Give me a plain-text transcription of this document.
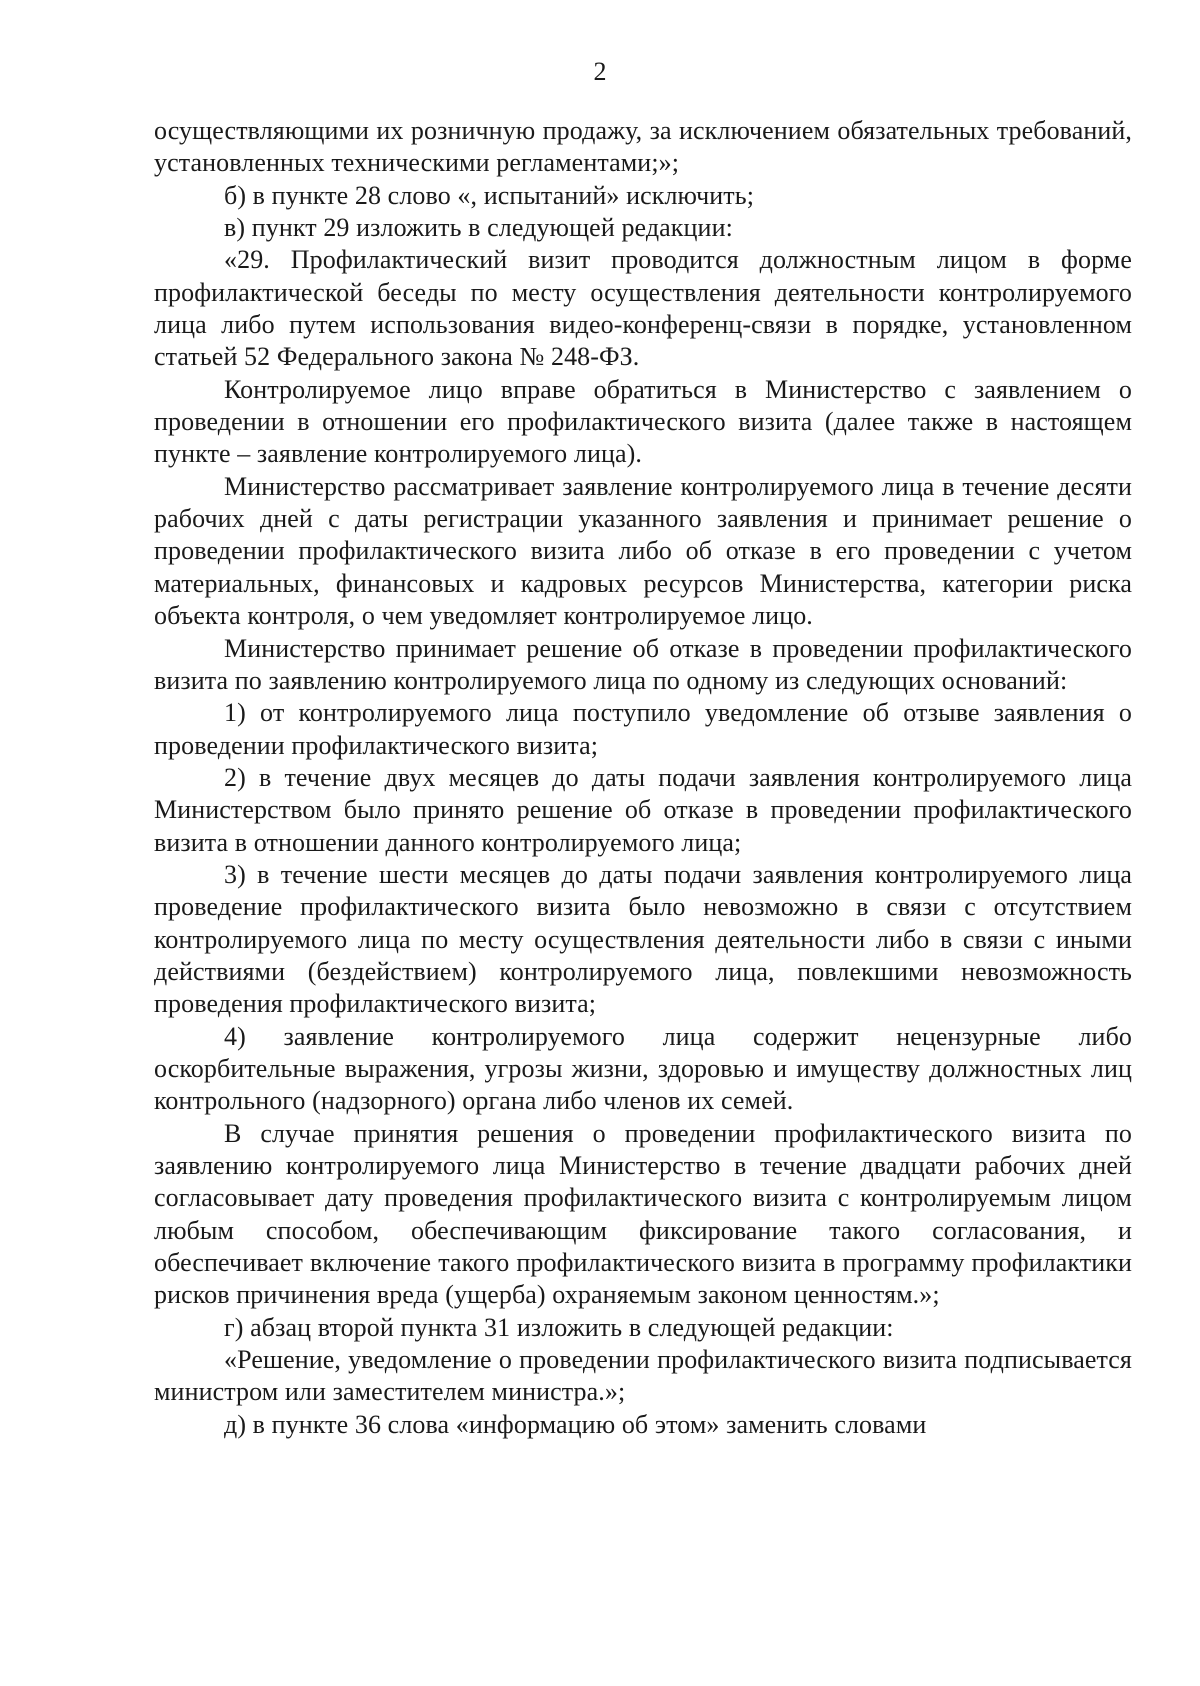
2

осуществляющими их розничную продажу, за исключением обязательных требований, установленных техническими регламентами;»;

б) в пункте 28 слово «, испытаний» исключить;

в) пункт 29 изложить в следующей редакции:

«29. Профилактический визит проводится должностным лицом в форме профилактической беседы по месту осуществления деятельности контролируемого лица либо путем использования видео-конференц-связи в порядке, установленном статьей 52 Федерального закона № 248-ФЗ.

Контролируемое лицо вправе обратиться в Министерство с заявлением о проведении в отношении его профилактического визита (далее также в настоящем пункте – заявление контролируемого лица).

Министерство рассматривает заявление контролируемого лица в течение десяти рабочих дней с даты регистрации указанного заявления и принимает решение о проведении профилактического визита либо об отказе в его проведении с учетом материальных, финансовых и кадровых ресурсов Министерства, категории риска объекта контроля, о чем уведомляет контролируемое лицо.

Министерство принимает решение об отказе в проведении профилактического визита по заявлению контролируемого лица по одному из следующих оснований:

1) от контролируемого лица поступило уведомление об отзыве заявления о проведении профилактического визита;

2) в течение двух месяцев до даты подачи заявления контролируемого лица Министерством было принято решение об отказе в проведении профилактического визита в отношении данного контролируемого лица;

3) в течение шести месяцев до даты подачи заявления контролируемого лица проведение профилактического визита было невозможно в связи с отсутствием контролируемого лица по месту осуществления деятельности либо в связи с иными действиями (бездействием) контролируемого лица, повлекшими невозможность проведения профилактического визита;

4) заявление контролируемого лица содержит нецензурные либо оскорбительные выражения, угрозы жизни, здоровью и имуществу должностных лиц контрольного (надзорного) органа либо членов их семей.

В случае принятия решения о проведении профилактического визита по заявлению контролируемого лица Министерство в течение двадцати рабочих дней согласовывает дату проведения профилактического визита с контролируемым лицом любым способом, обеспечивающим фиксирование такого согласования, и обеспечивает включение такого профилактического визита в программу профилактики рисков причинения вреда (ущерба) охраняемым законом ценностям.»;

г) абзац второй пункта 31 изложить в следующей редакции:

«Решение, уведомление о проведении профилактического визита подписывается министром или заместителем министра.»;

д) в пункте 36 слова «информацию об этом» заменить словами
